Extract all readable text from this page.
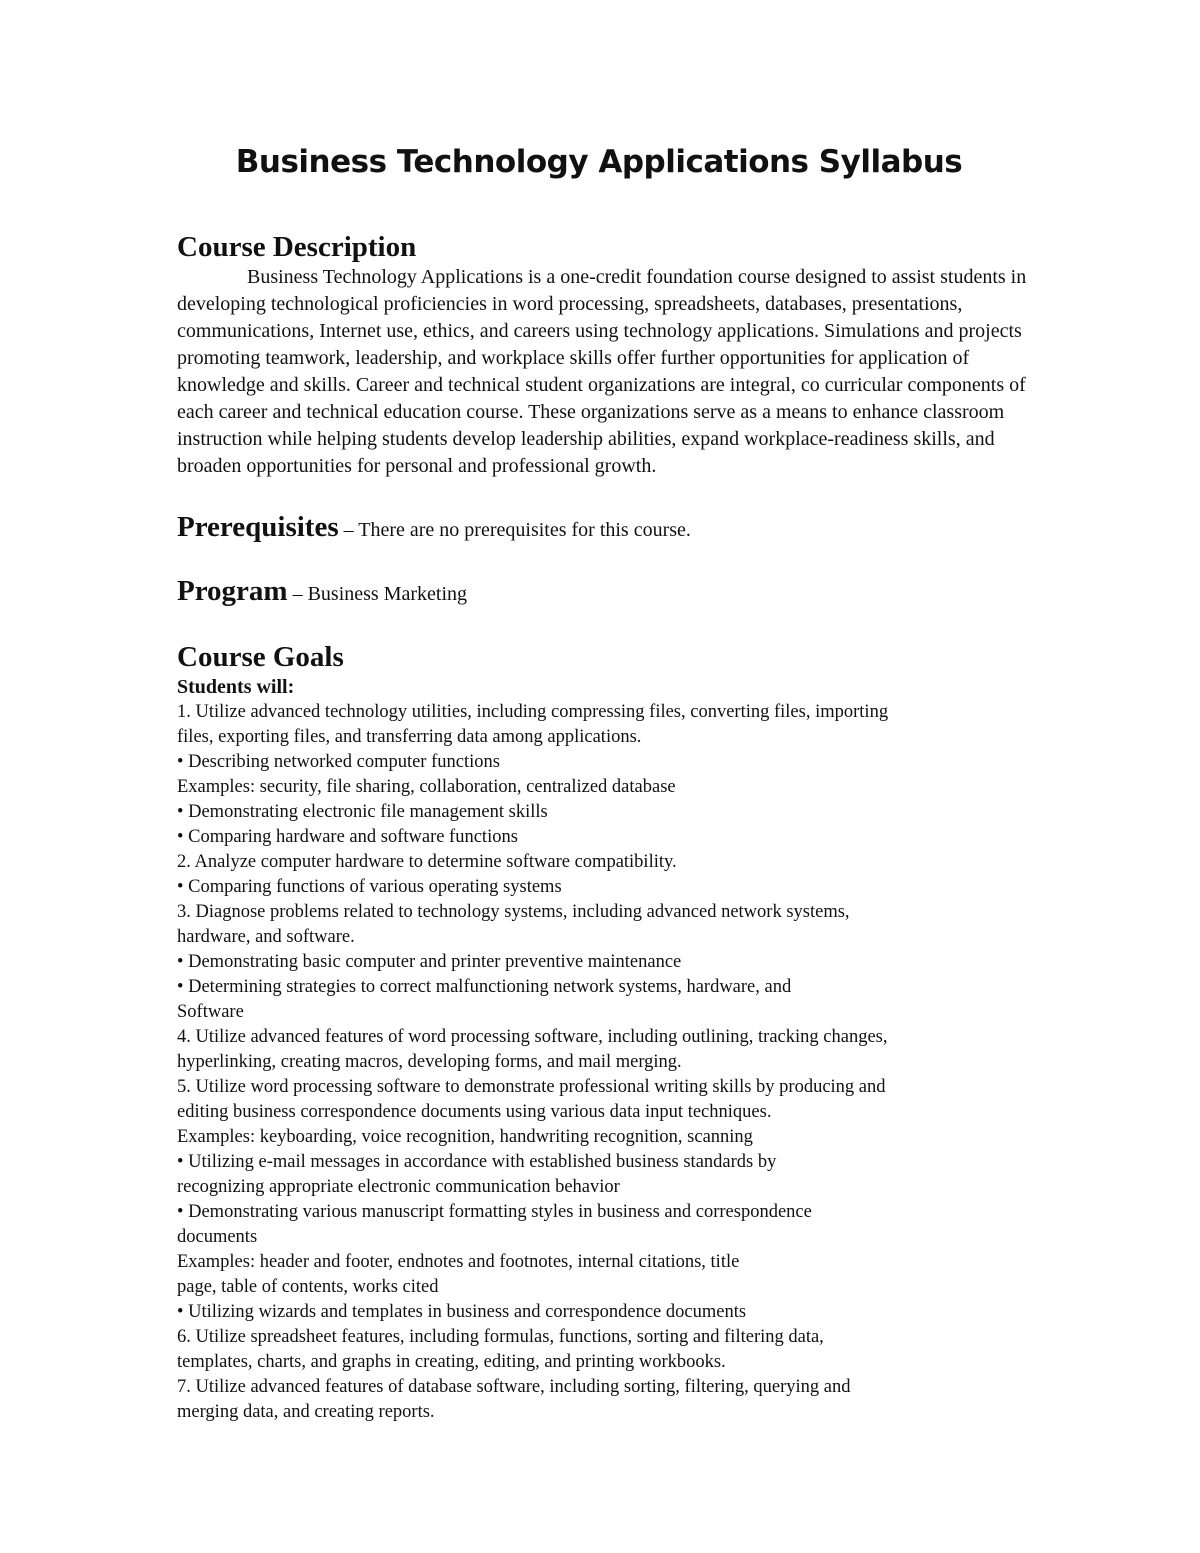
Business Technology Applications Syllabus
Course Description

Business Technology Applications is a one-credit foundation course designed to assist students in developing technological proficiencies in word processing, spreadsheets, databases, presentations, communications, Internet use, ethics, and careers using technology applications. Simulations and projects promoting teamwork, leadership, and workplace skills offer further opportunities for application of knowledge and skills. Career and technical student organizations are integral, co curricular components of each career and technical education course. These organizations serve as a means to enhance classroom instruction while helping students develop leadership abilities, expand workplace-readiness skills, and broaden opportunities for personal and professional growth.

Prerequisites – There are no prerequisites for this course.
Program – Business Marketing
Course Goals

Students will:

1. Utilize advanced technology utilities, including compressing files, converting files, importing

files, exporting files, and transferring data among applications.

• Describing networked computer functions

Examples: security, file sharing, collaboration, centralized database

• Demonstrating electronic file management skills

• Comparing hardware and software functions

2. Analyze computer hardware to determine software compatibility.

• Comparing functions of various operating systems

3. Diagnose problems related to technology systems, including advanced network systems,

hardware, and software.

• Demonstrating basic computer and printer preventive maintenance

• Determining strategies to correct malfunctioning network systems, hardware, and

Software

4. Utilize advanced features of word processing software, including outlining, tracking changes,

hyperlinking, creating macros, developing forms, and mail merging.

5. Utilize word processing software to demonstrate professional writing skills by producing and

editing business correspondence documents using various data input techniques.

Examples: keyboarding, voice recognition, handwriting recognition, scanning

• Utilizing e-mail messages in accordance with established business standards by

recognizing appropriate electronic communication behavior

• Demonstrating various manuscript formatting styles in business and correspondence

documents

Examples: header and footer, endnotes and footnotes, internal citations, title

page, table of contents, works cited

• Utilizing wizards and templates in business and correspondence documents

6. Utilize spreadsheet features, including formulas, functions, sorting and filtering data,

templates, charts, and graphs in creating, editing, and printing workbooks.

7. Utilize advanced features of database software, including sorting, filtering, querying and

merging data, and creating reports.
